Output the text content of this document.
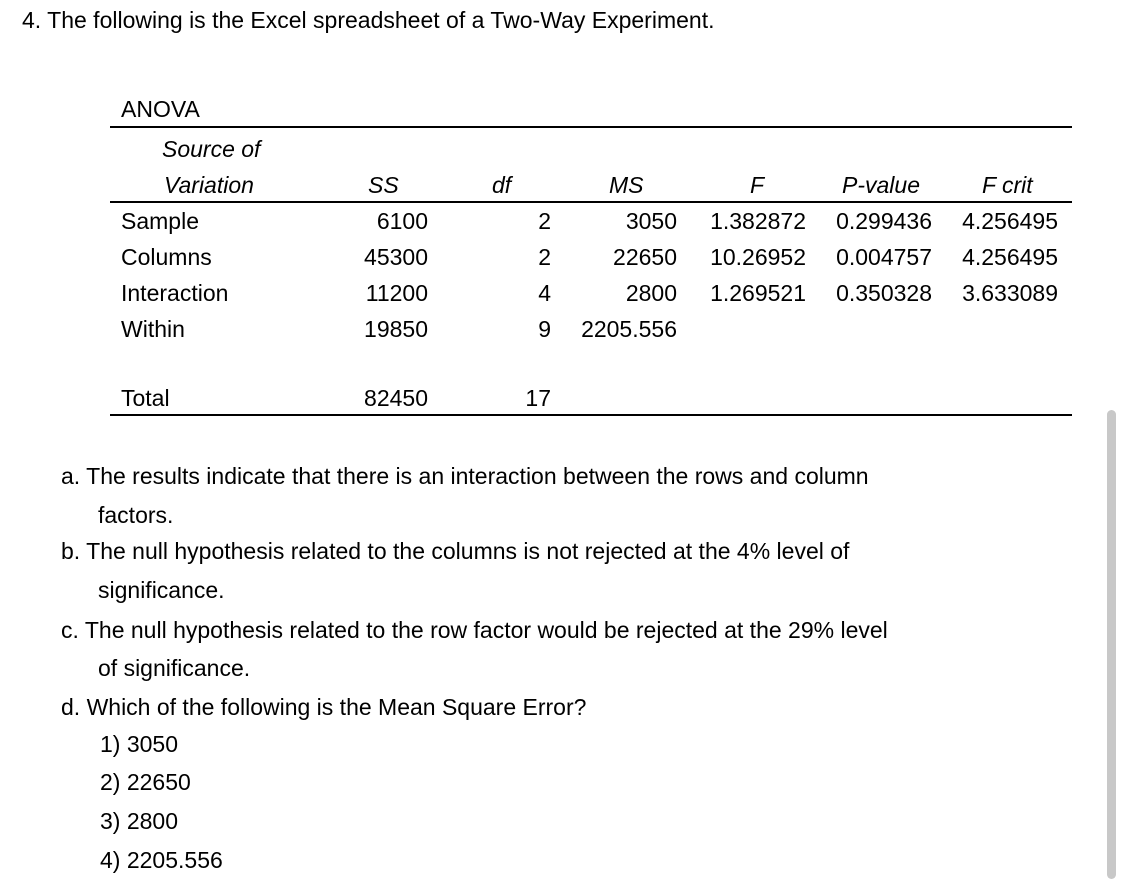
4. The following is the Excel spreadsheet of a Two-Way Experiment.
ANOVA
Source of
Variation	SS	df	MS	F	P-value	F crit
Sample	6100	2	3050	1.382872	0.299436	4.256495
Columns	45300	2	22650	10.26952	0.004757	4.256495
Interaction	11200	4	2800	1.269521	0.350328	3.633089
Within	19850	9	2205.556
Total	82450	17
a. The results indicate that there is an interaction between the rows and column
factors.
b. The null hypothesis related to the columns is not rejected at the 4% level of
significance.
c. The null hypothesis related to the row factor would be rejected at the 29% level
of significance.
d. Which of the following is the Mean Square Error?
1) 3050
2) 22650
3) 2800
4) 2205.556
